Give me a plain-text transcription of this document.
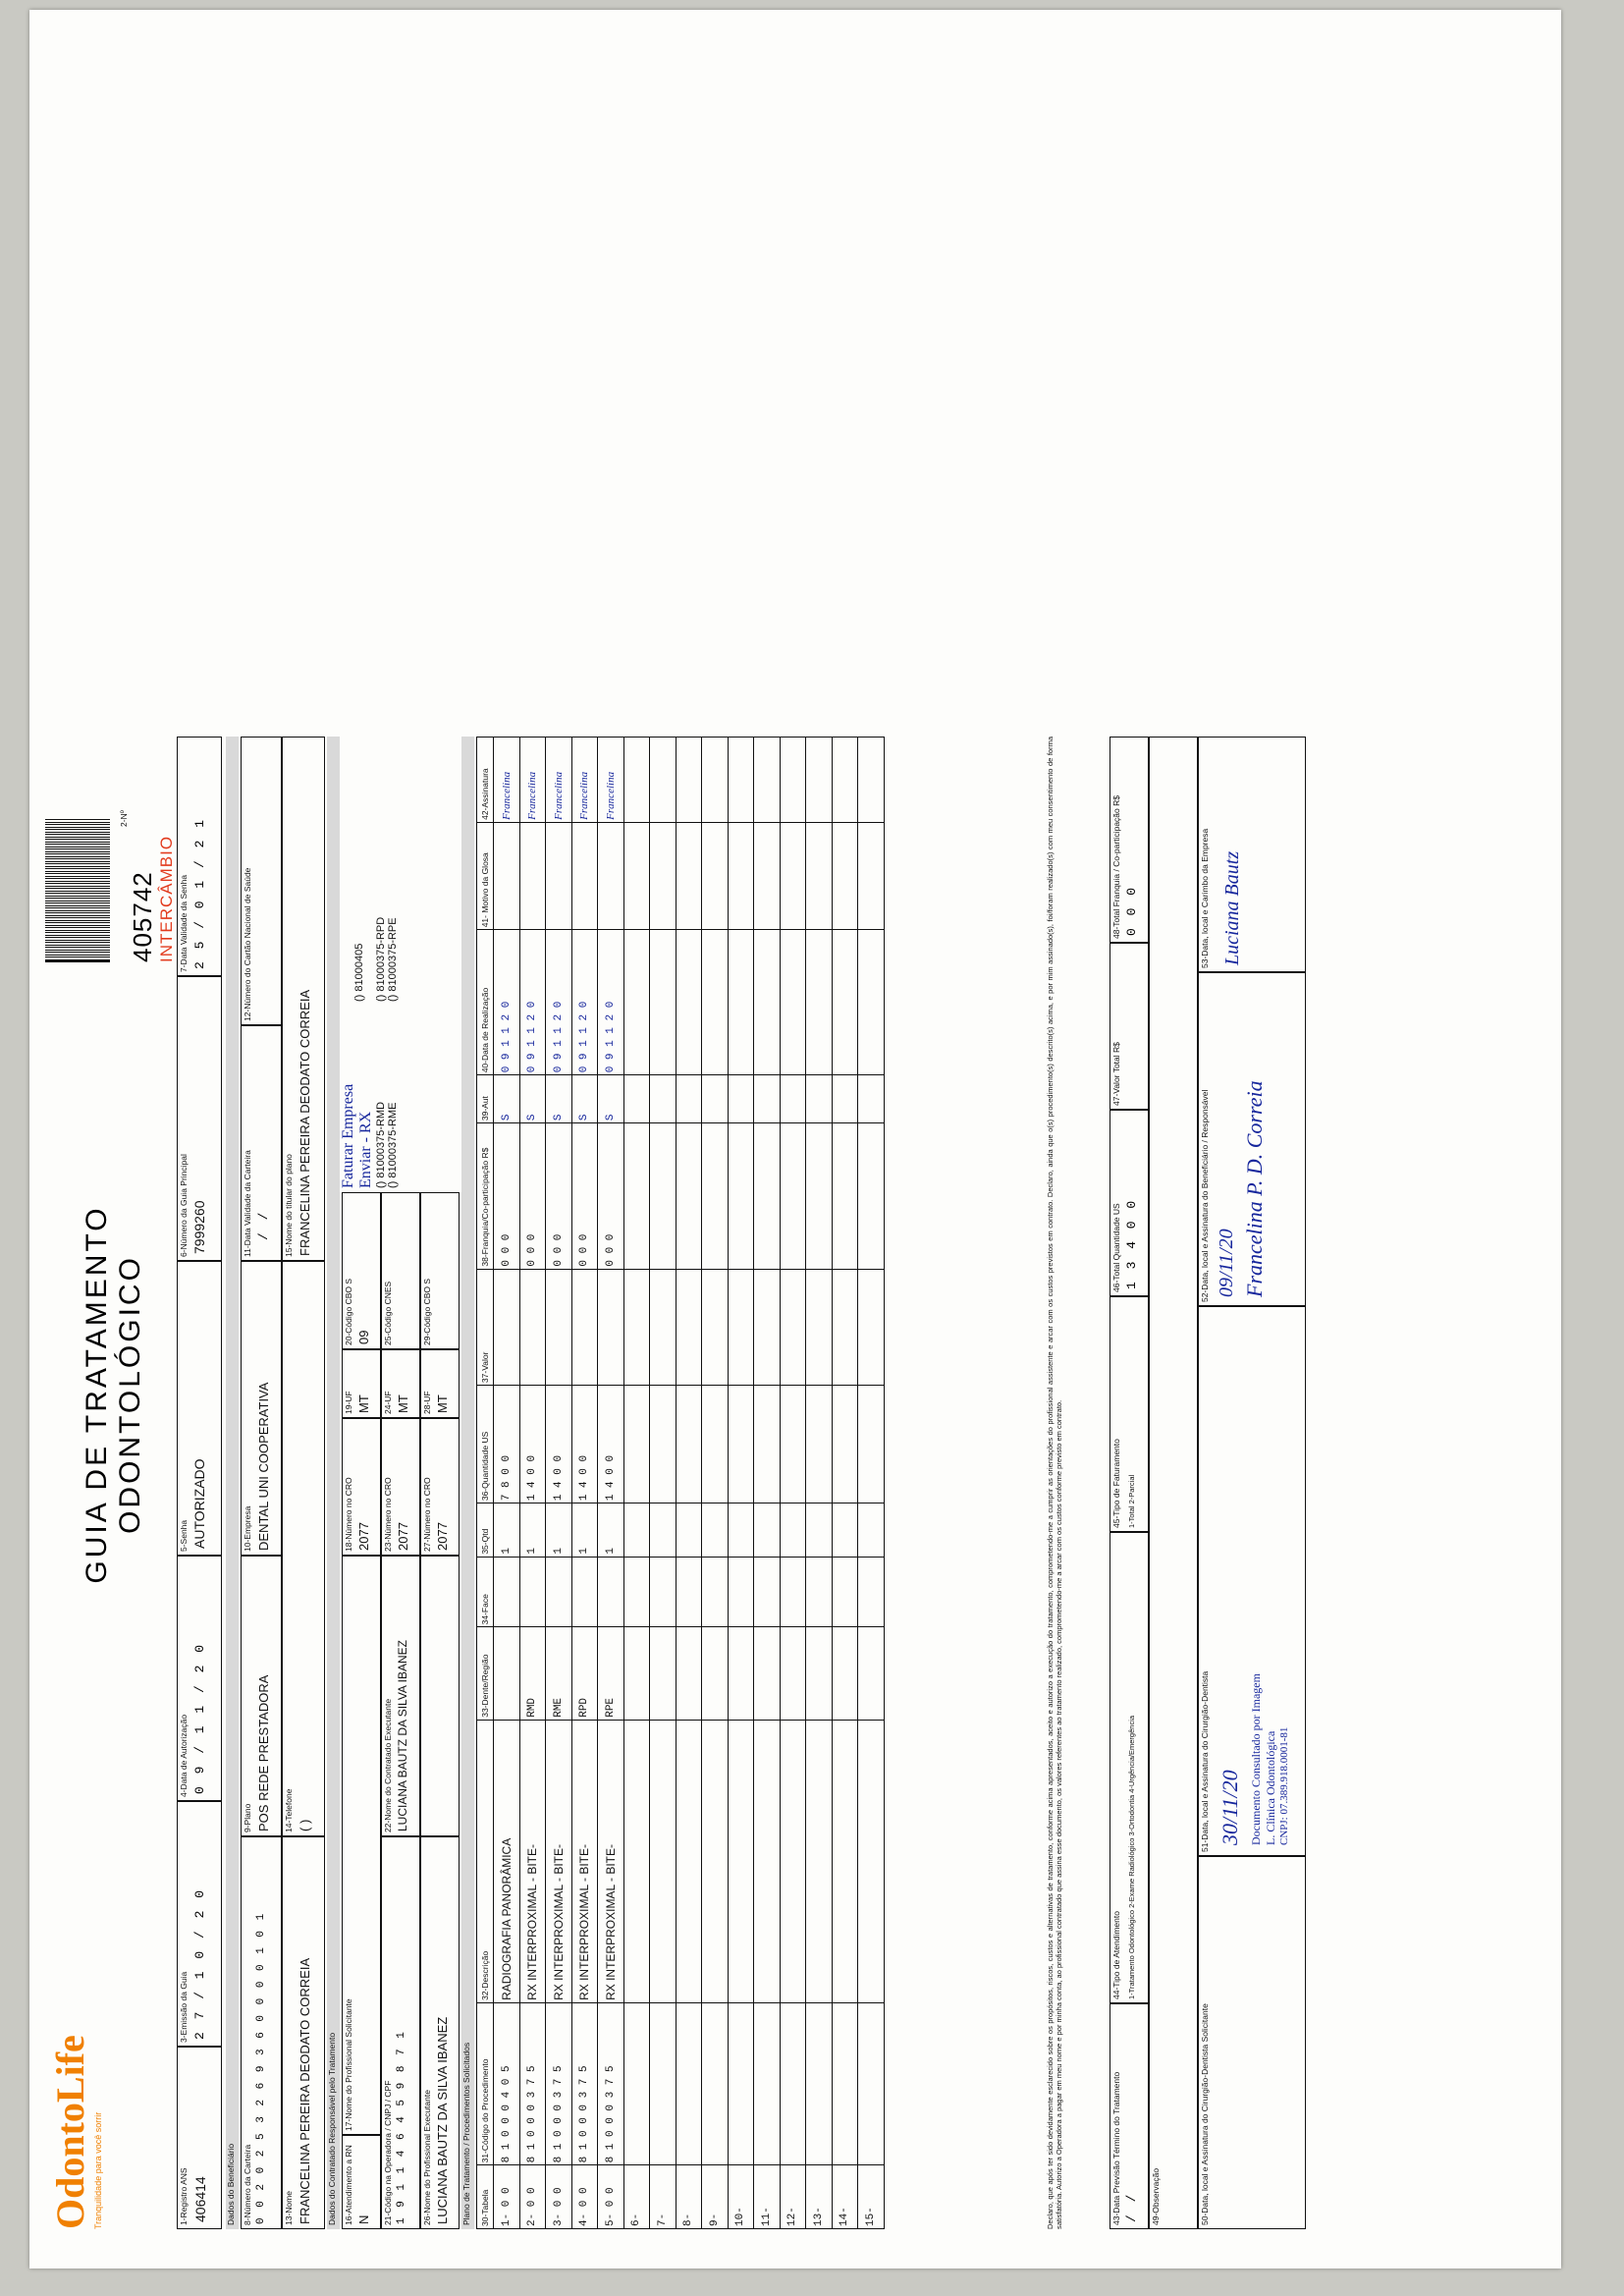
OdontoLife Tranquilidade para você sorrir
GUIA DE TRATAMENTO ODONTOLÓGICO
2-Nº
405742 INTERCÂMBIO
1-Registro ANS 406414
3-Emissão da Guia 2 7 / 1 0 / 2 0
4-Data de Autorização 0 9 / 1 1 / 2 0
5-Senha AUTORIZADO
6-Número da Guia Principal 7999260
7-Data Validade da Senha 2 5 / 0 1 / 2 1
Dados do Beneficiário 8-Número da Carteira 0 0 2 0 2 5 3 2 6 9 3 6 0 0 0 0 1 0 1
9-Plano POS REDE PRESTADORA
10-Empresa DENTAL UNI COOPERATIVA
11-Data Validade da Carteira / /
12-Número do Cartão Nacional de Saúde
13-Nome FRANCELINA PEREIRA DEODATO CORREIA
14-Telefone ( )
15-Nome do titular do plano FRANCELINA PEREIRA DEODATO CORREIA
Dados do Contratado Responsável pelo Tratamento 16-Atendimento a RN N
17-Nome do Profissional Solicitante
18-Número no CRO 2077
19-UF MT
20-Código CBO S 09
Faturar Empresa Enviar - RX
21-Código na Operadora / CNPJ / CPF 1 9 1 1 4 6 4 5 9 8 7 1
22-Nome do Contratado Executante LUCIANA BAUTZ DA SILVA IBANEZ
23-Número no CRO 2077
24-UF MT
25-Código CNES
() 81000375-RMD () 81000375-RME
() 81000375-RPD () 81000375-RPE
() 81000405
26-Nome do Profissional Executante LUCIANA BAUTZ DA SILVA IBANEZ
27-Número no CRO 2077
28-UF MT
29-Código CBO S
Plano de Tratamento / Procedimentos Solicitados	30-Tabela	31-Código do Procedimento	32-Descrição	33-Dente/Região	34-Face	35-Qtd	36-Quantidade US	37-Valor	38-Franquia/Co-participação R$	39-Aut	40-Data de Realização	41- Motivo da Glosa	42-Assinatura
1- 0 0	8 1 0 0 0 4 0 5	RADIOGRAFIA PANORÂMICA			1	7 8 0 0		0 0 0	S	0 9 1 1 2 0		Francelina
2- 0 0	8 1 0 0 0 3 7 5	RX INTERPROXIMAL - BITE-	RMD		1	1 4 0 0		0 0 0	S	0 9 1 1 2 0		Francelina
3- 0 0	8 1 0 0 0 3 7 5	RX INTERPROXIMAL - BITE-	RME		1	1 4 0 0		0 0 0	S	0 9 1 1 2 0		Francelina
4- 0 0	8 1 0 0 0 3 7 5	RX INTERPROXIMAL - BITE-	RPD		1	1 4 0 0		0 0 0	S	0 9 1 1 2 0		Francelina
5- 0 0	8 1 0 0 0 3 7 5	RX INTERPROXIMAL - BITE-	RPE		1	1 4 0 0		0 0 0	S	0 9 1 1 2 0		Francelina
6-												
7-												
8-												
9-												
10-												
11-												
12-												
13-												
14-												
15-													Declaro, que após ter sido devidamente esclarecido sobre os propósitos, riscos, custos e alternativas de tratamento, conforme acima apresentados, aceito e autorizo a execução do tratamento, comprometendo-me a cumprir as orientações do profissional assistente e arcar com os custos previstos em contrato. Declaro, ainda que o(s) procedimento(s) descrito(s) acima, e por mim assinado(s), foi/foram realizado(s) com meu consentimento de forma satisfatória. Autorizo a Operadora a pagar em meu nome e por minha conta, ao profissional contratado que assina esse documento, os valores referentes ao tratamento realizado, comprometendo-me a arcar com os custos conforme previsto em contrato.	43-Data Previsão Término do Tratamento / /
44-Tipo de Atendimento 1-Tratamento Odontológico 2-Exame Radiológico 3-Ortodontia 4-Urgência/Emergência
45-Tipo de Faturamento 1-Total 2-Parcial
46-Total Quantidade US 1 3 4 0 0
47-Valor Total R$
48-Total Franquia / Co-participação R$ 0 0 0
49-Observação	50-Data, local e Assinatura do Cirurgião-Dentista Solicitante
51-Data, local e Assinatura do Cirurgião-Dentista 30/11/20 Documento Consultado por Imagem L. Clínica Odontológica CNPJ: 07.389.918.0001-81
52-Data, local e Assinatura do Beneficiário / Responsável 09/11/20 Francelina P. D. Correia
53-Data, local e Carimbo da Empresa Luciana Bautz
